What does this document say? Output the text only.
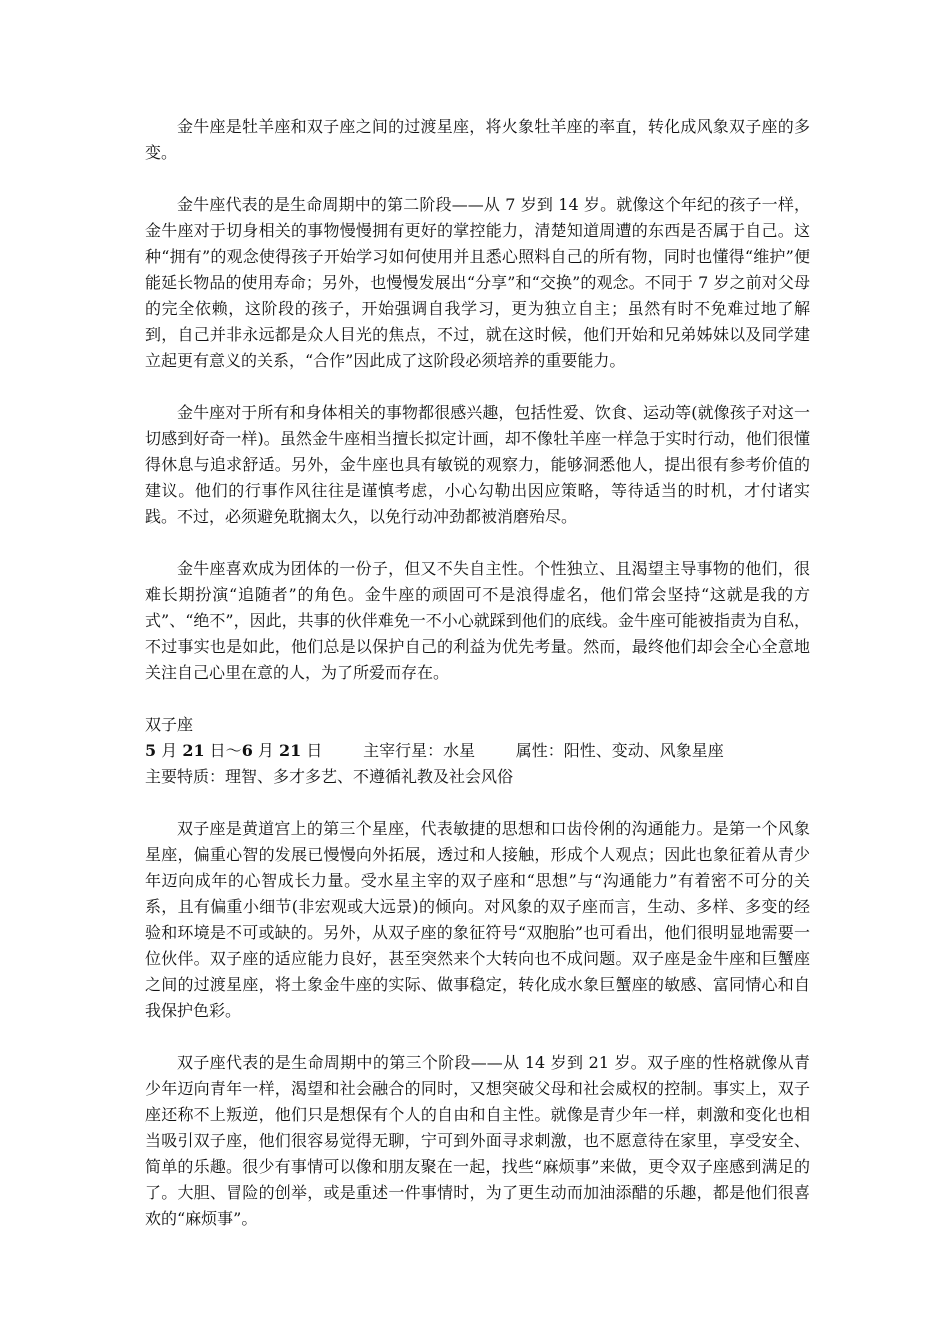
金牛座是牡羊座和双子座之间的过渡星座，将火象牡羊座的率直，转化成风象双子座的多变。

金牛座代表的是生命周期中的第二阶段——从 7 岁到 14 岁。就像这个年纪的孩子一样，金牛座对于切身相关的事物慢慢拥有更好的掌控能力，清楚知道周遭的东西是否属于自己。这种“拥有”的观念使得孩子开始学习如何使用并且悉心照料自己的所有物，同时也懂得“维护”便能延长物品的使用寿命；另外，也慢慢发展出“分享”和“交换”的观念。不同于 7 岁之前对父母的完全依赖，这阶段的孩子，开始强调自我学习，更为独立自主；虽然有时不免难过地了解到，自己并非永远都是众人目光的焦点，不过，就在这时候，他们开始和兄弟姊妹以及同学建立起更有意义的关系，“合作”因此成了这阶段必须培养的重要能力。

金牛座对于所有和身体相关的事物都很感兴趣，包括性爱、饮食、运动等(就像孩子对这一切感到好奇一样)。虽然金牛座相当擅长拟定计画，却不像牡羊座一样急于实时行动，他们很懂得休息与追求舒适。另外，金牛座也具有敏锐的观察力，能够洞悉他人，提出很有参考价值的建议。他们的行事作风往往是谨慎考虑，小心勾勒出因应策略，等待适当的时机，才付诸实践。不过，必须避免耽搁太久，以免行动冲劲都被消磨殆尽。

金牛座喜欢成为团体的一份子，但又不失自主性。个性独立、且渴望主导事物的他们，很难长期扮演“追随者”的角色。金牛座的顽固可不是浪得虚名，他们常会坚持“这就是我的方式”、“绝不”，因此，共事的伙伴难免一不小心就踩到他们的底线。金牛座可能被指责为自私，不过事实也是如此，他们总是以保护自己的利益为优先考量。然而，最终他们却会全心全意地关注自己心里在意的人，为了所爱而存在。

双子座

5 月 21 日～6 月 21 日        主宰行星：水星        属性：阳性、变动、风象星座

主要特质：理智、多才多艺、不遵循礼教及社会风俗

双子座是黄道宫上的第三个星座，代表敏捷的思想和口齿伶俐的沟通能力。是第一个风象星座，偏重心智的发展已慢慢向外拓展，透过和人接触，形成个人观点；因此也象征着从青少年迈向成年的心智成长力量。受水星主宰的双子座和“思想”与“沟通能力”有着密不可分的关系，且有偏重小细节(非宏观或大远景)的倾向。对风象的双子座而言，生动、多样、多变的经验和环境是不可或缺的。另外，从双子座的象征符号“双胞胎”也可看出，他们很明显地需要一位伙伴。双子座的适应能力良好，甚至突然来个大转向也不成问题。双子座是金牛座和巨蟹座之间的过渡星座，将土象金牛座的实际、做事稳定，转化成水象巨蟹座的敏感、富同情心和自我保护色彩。

双子座代表的是生命周期中的第三个阶段——从 14 岁到 21 岁。双子座的性格就像从青少年迈向青年一样，渴望和社会融合的同时，又想突破父母和社会威权的控制。事实上，双子座还称不上叛逆，他们只是想保有个人的自由和自主性。就像是青少年一样，刺激和变化也相当吸引双子座，他们很容易觉得无聊，宁可到外面寻求刺激，也不愿意待在家里，享受安全、简单的乐趣。很少有事情可以像和朋友聚在一起，找些“麻烦事”来做，更令双子座感到满足的了。大胆、冒险的创举，或是重述一件事情时，为了更生动而加油添醋的乐趣，都是他们很喜欢的“麻烦事”。
